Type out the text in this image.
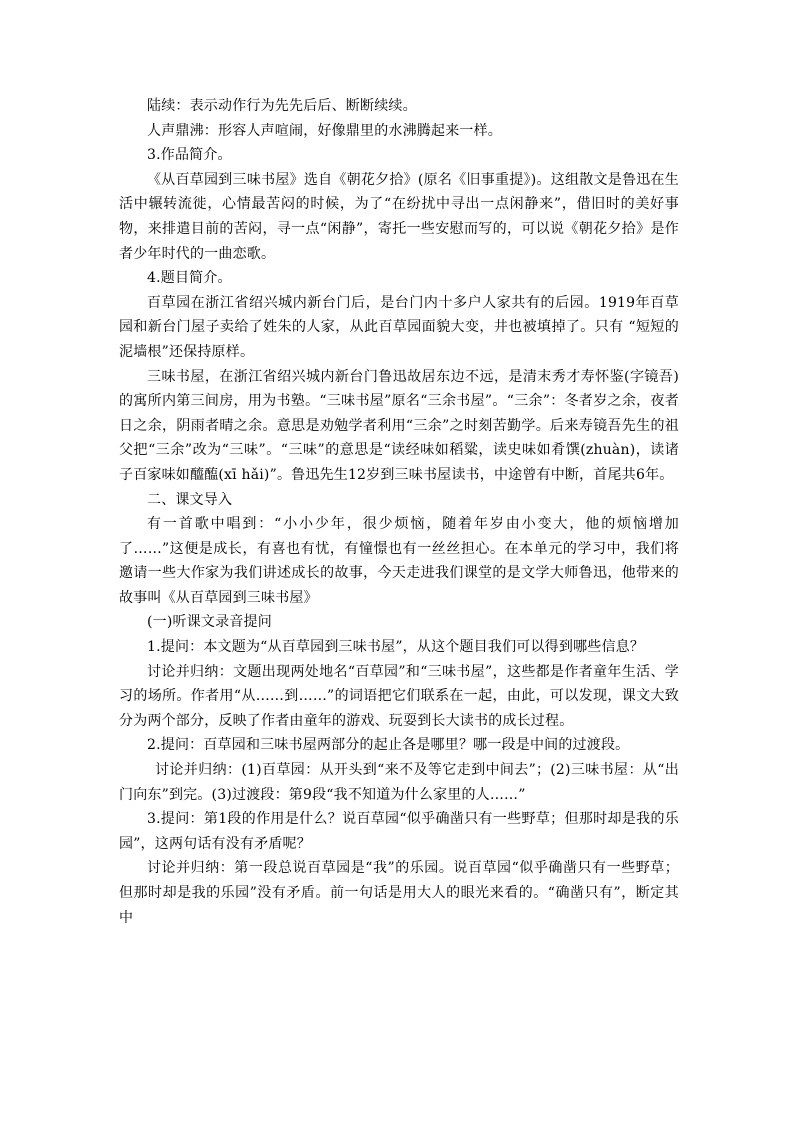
陆续：表示动作行为先先后后、断断续续。

人声鼎沸：形容人声喧闹，好像鼎里的水沸腾起来一样。

3.作品简介。

《从百草园到三味书屋》选自《朝花夕拾》(原名《旧事重提》)。这组散文是鲁迅在生活中辗转流徙，心情最苦闷的时候，为了“在纷扰中寻出一点闲静来”，借旧时的美好事物，来排遣目前的苦闷，寻一点“闲静”，寄托一些安慰而写的，可以说《朝花夕拾》是作者少年时代的一曲恋歌。

4.题目简介。

百草园在浙江省绍兴城内新台门后，是台门内十多户人家共有的后园。1919年百草园和新台门屋子卖给了姓朱的人家，从此百草园面貌大变，井也被填掉了。只有 “短短的泥墙根”还保持原样。

三味书屋，在浙江省绍兴城内新台门鲁迅故居东边不远，是清末秀才寿怀鉴(字镜吾)的寓所内第三间房，用为书塾。“三味书屋”原名“三余书屋”。“三余”：冬者岁之余，夜者日之余，阴雨者晴之余。意思是劝勉学者利用“三余”之时刻苦勤学。后来寿镜吾先生的祖父把“三余”改为“三味”。“三味”的意思是“读经味如稻粱，读史味如肴馔(zhuàn)，读诸子百家味如醯醢(xī hǎi)”。鲁迅先生12岁到三味书屋读书，中途曾有中断，首尾共6年。

二、课文导入

有一首歌中唱到：“小小少年，很少烦恼，随着年岁由小变大，他的烦恼增加了……”这便是成长，有喜也有忧，有憧憬也有一丝丝担心。在本单元的学习中，我们将邀请一些大作家为我们讲述成长的故事，今天走进我们课堂的是文学大师鲁迅，他带来的故事叫《从百草园到三味书屋》

(一)听课文录音提问

1.提问：本文题为“从百草园到三味书屋”，从这个题目我们可以得到哪些信息？

讨论并归纳：文题出现两处地名“百草园”和“三味书屋”，这些都是作者童年生活、学习的场所。作者用“从……到……”的词语把它们联系在一起，由此，可以发现，课文大致分为两个部分，反映了作者由童年的游戏、玩耍到长大读书的成长过程。

2.提问：百草园和三味书屋两部分的起止各是哪里？哪一段是中间的过渡段。

讨论并归纳：(1)百草园：从开头到“来不及等它走到中间去”；(2)三味书屋：从“出门向东”到完。(3)过渡段：第9段“我不知道为什么家里的人……”

3.提问：第1段的作用是什么？说百草园“似乎确凿只有一些野草；但那时却是我的乐园”，这两句话有没有矛盾呢？

讨论并归纳：第一段总说百草园是“我”的乐园。说百草园“似乎确凿只有一些野草；但那时却是我的乐园”没有矛盾。前一句话是用大人的眼光来看的。“确凿只有”，断定其中
